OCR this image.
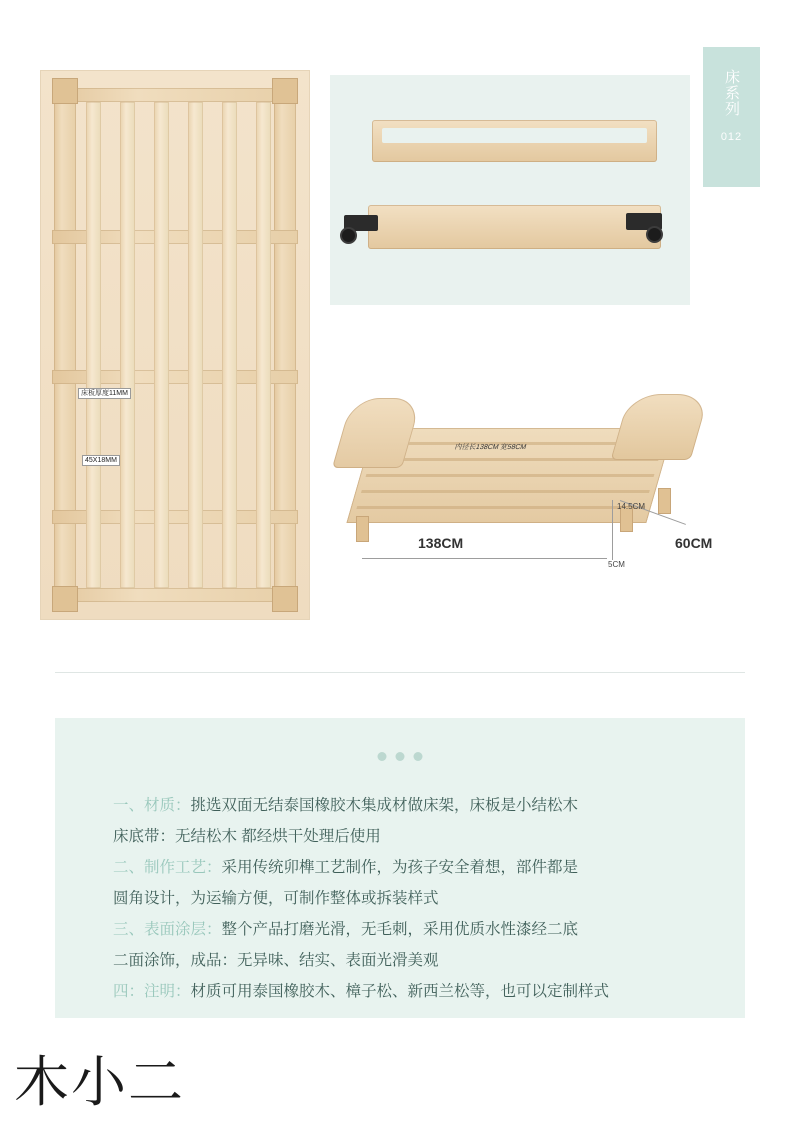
床系列
012
床板厚度11MM
45X18MM
内径长138CM 宽58CM
138CM	60CM
14.5CM
5CM

一、材质：挑选双面无结泰国橡胶木集成材做床架，床板是小结松木

床底带：无结松木 都经烘干处理后使用

二、制作工艺：采用传统卯榫工艺制作，为孩子安全着想，部件都是

圆角设计，为运输方便，可制作整体或拆装样式

三、表面涂层：整个产品打磨光滑，无毛刺，采用优质水性漆经二底

二面涂饰，成品：无异味、结实、表面光滑美观

四：注明：材质可用泰国橡胶木、樟子松、新西兰松等，也可以定制样式

木小二
